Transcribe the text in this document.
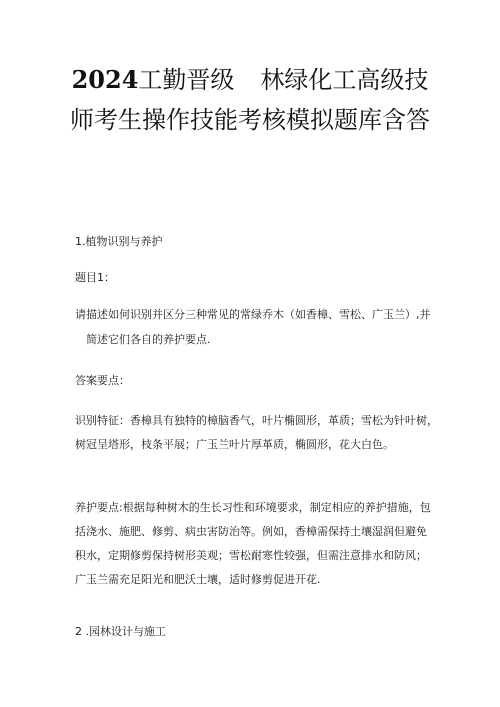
2024工勤晋级 林绿化工高级技
师考生操作技能考核模拟题库含答
1.植物识别与养护
题目1：
请描述如何识别并区分三种常见的常绿乔木（如香樟、雪松、广玉兰）,并
简述它们各自的养护要点.
答案要点：
识别特征：香樟具有独特的樟脑香气，叶片椭圆形，革质；雪松为针叶树，
树冠呈塔形，枝条平展；广玉兰叶片厚革质，椭圆形，花大白色。
养护要点:根据每种树木的生长习性和环境要求，制定相应的养护措施，包
括浇水、施肥、修剪、病虫害防治等。例如，香樟需保持土壤湿润但避免
积水，定期修剪保持树形美观；雪松耐寒性较强，但需注意排水和防风；
广玉兰需充足阳光和肥沃土壤，适时修剪促进开花.
2 .园林设计与施工
